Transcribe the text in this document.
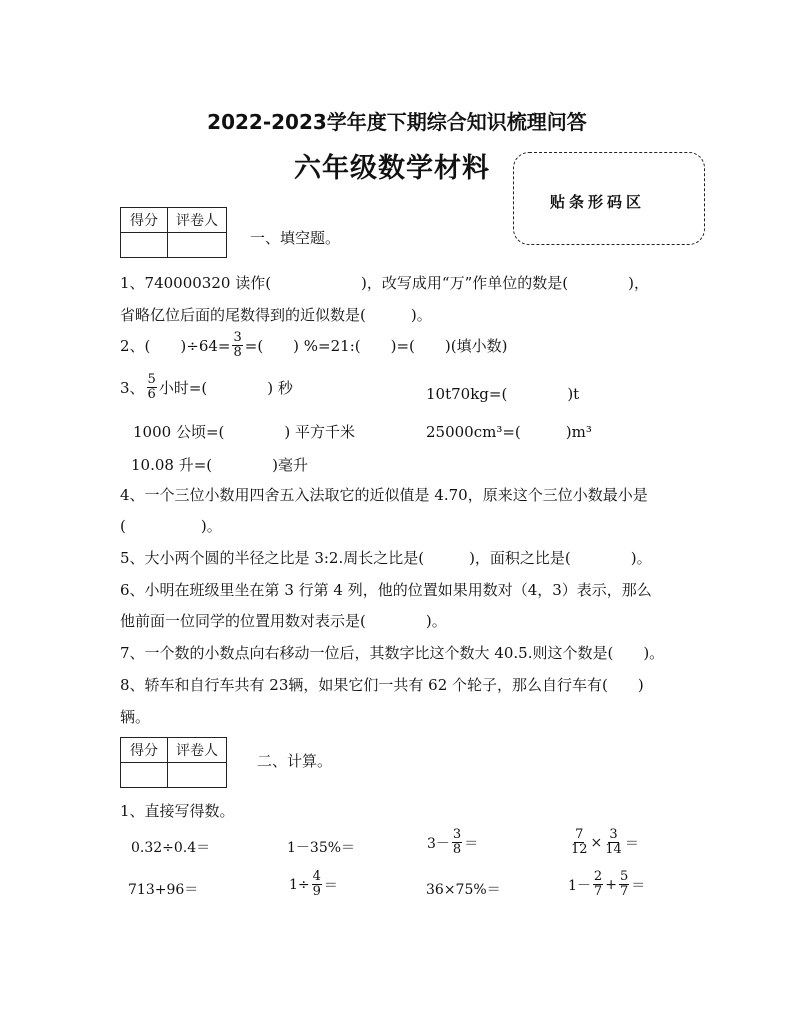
2022-2023学年度下期综合知识梳理问答
六年级数学材料
贴条形码区
得分	评卷人

一、填空题。
1、740000320 读作(　　　　　　)，改写成用“万”作单位的数是(　　　　)，
省略亿位后面的尾数得到的近似数是(　　　)。
2、(　　)$\div 64= \frac{3}{8}$ =(　　) %=21:(　　)=(　　)(填小数)
3、 $\frac{5}{6}$ 小时=(　　　　) 秒	10t70kg=(　　　　)t
1000 公顷=(　　　　) 平方千米	25000cm³=(　　　)m³
10.08 升=(　　　　)毫升
4、一个三位小数用四舍五入法取它的近似值是 4.70，原来这个三位小数最小是
(　　　　　)。
5、大小两个圆的半径之比是 3:2.周长之比是(　　　)，面积之比是(　　　　)。
6、小明在班级里坐在第 3 行第 4 列，他的位置如果用数对（4，3）表示，那么
他前面一位同学的位置用数对表示是(　　　　)。
7、一个数的小数点向右移动一位后，其数字比这个数大 40.5.则这个数是(　　)。
8、轿车和自行车共有 23辆，如果它们一共有 62 个轮子，那么自行车有(　　)
辆。
得分	评卷人

二、计算。
1、直接写得数。
0.32÷0.4＝	1－35%＝	$3- \frac{3}{8}$ ＝	$\frac{7}{12} \times \frac{3}{14}$ ＝
713+96＝	$1\div \frac{4}{9}$ ＝	36×75%＝	$1- \frac{2}{7} + \frac{5}{7}$ ＝
